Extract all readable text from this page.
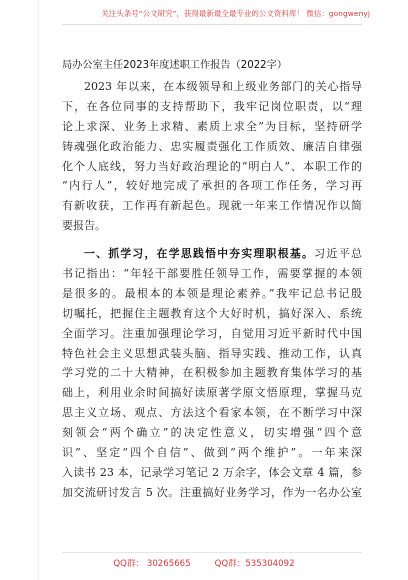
关注头条号“公文研究”，获得最新最全最专业的公文资料库！ 微信：gongwenyj
局办公室主任2023年度述职工作报告（2022字）
2023 年以来，在本级领导和上级业务部门的关心指导
下，在各位同事的支持帮助下，我牢记岗位职责，以“理
论上求深、业务上求精、素质上求全”为目标，坚持研学
铸魂强化政治能力、忠实履责强化工作质效、廉洁自律强
化个人底线，努力当好政治理论的“明白人”、本职工作的
“内行人”，较好地完成了承担的各项工作任务，学习再
有新收获，工作再有新起色。现就一年来工作情况作以简
要报告。
一、抓学习，在学思践悟中夯实理职根基。习近平总
书记指出：“年轻干部要胜任领导工作，需要掌握的本领
是很多的。最根本的本领是理论素养。”我牢记总书记殷
切嘱托，把握住主题教育这个大好时机，搞好深入、系统
全面学习。注重加强理论学习，自觉用习近平新时代中国
特色社会主义思想武装头脑、指导实践、推动工作，认真
学习党的二十大精神，在积极参加主题教育集体学习的基
础上，利用业余时间搞好读原著学原文悟原理，掌握马克
思主义立场、观点、方法这个看家本领，在不断学习中深
刻领会“两个确立”的决定性意义，切实增强“四个意
识”、坚定“四个自信”、做到“两个维护”。一年来深
入读书 23 本，记录学习笔记 2 万余字，体会文章 4 篇，参
加交流研讨发言 5 次。注重搞好业务学习，作为一名办公室
QQ群： 30265665	QQ群：535304092
